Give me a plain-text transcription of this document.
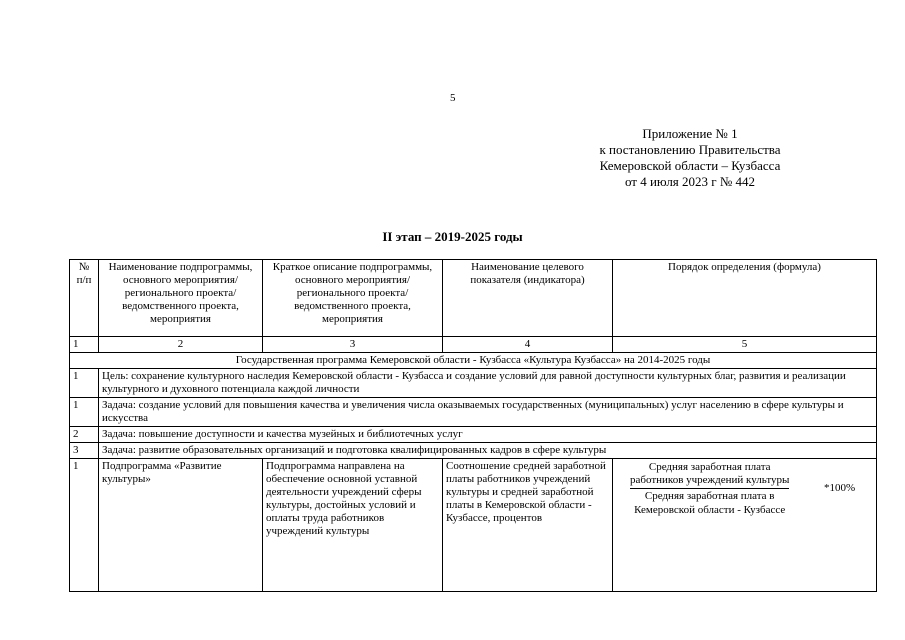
5
Приложение № 1
к постановлению Правительства
Кемеровской области – Кузбасса
от 4 июля 2023 г № 442
II этап – 2019-2025 годы
№ п/п	Наименование подпрограммы, основного мероприятия/регионального проекта/ведомственного проекта, мероприятия	Краткое описание подпрограммы, основного мероприятия/регионального проекта/ведомственного проекта, мероприятия	Наименование целевого показателя (индикатора)	Порядок определения (формула)
1	2	3	4	5
Государственная программа Кемеровской области - Кузбасса «Культура Кузбасса» на 2014-2025 годы				
1	Цель: сохранение культурного наследия Кемеровской области - Кузбасса и создание условий для равной доступности культурных благ, развития и реализации культурного и духовного потенциала каждой личности			
1	Задача: создание условий для повышения качества и увеличения числа оказываемых государственных (муниципальных) услуг населению в сфере культуры и искусства			
2	Задача: повышение доступности и качества музейных и библиотечных услуг			
3	Задача: развитие образовательных организаций и подготовка квалифицированных кадров в сфере культуры			
1	Подпрограмма «Развитие культуры»	Подпрограмма направлена на обеспечение основной уставной деятельности учреждений сферы культуры, достойных условий и оплаты труда работников учреждений культуры	Соотношение средней заработной платы работников учреждений культуры и средней заработной платы в Кемеровской области - Кузбассе, процентов	Средняя заработная плата
работников учреждений культуры
Средняя заработная плата в
Кемеровской области - Кузбассе
*100%
